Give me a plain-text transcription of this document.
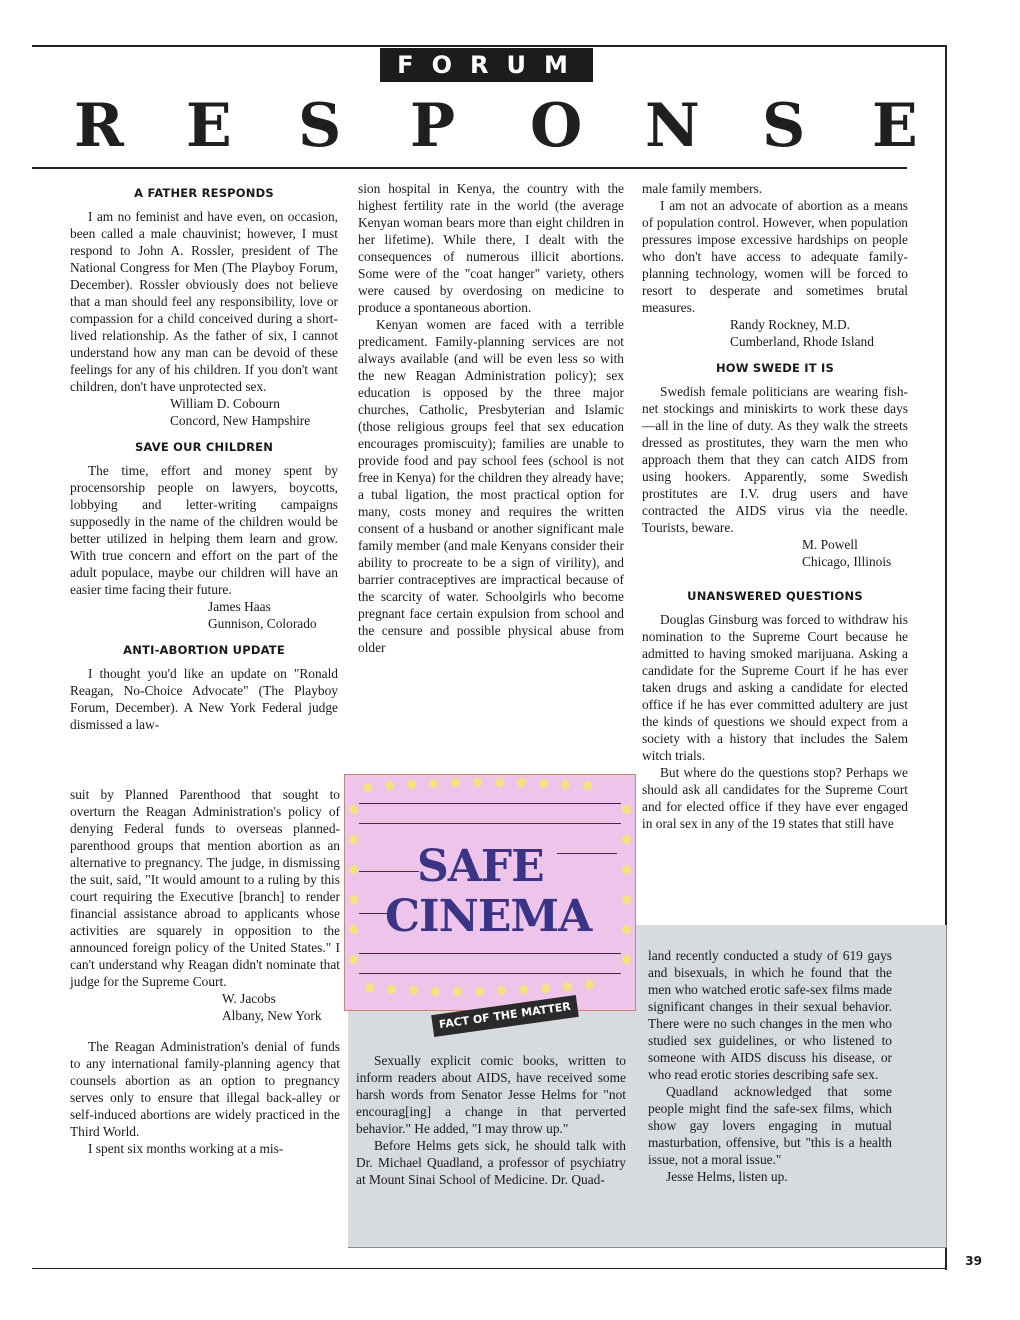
FORUM
R E S P O N S E
A FATHER RESPONDS

I am no feminist and have even, on occasion, been called a male chauvinist; however, I must respond to John A. Rossler, president of The National Congress for Men (The Playboy Forum, December). Rossler obviously does not believe that a man should feel any responsibility, love or compassion for a child conceived during a short-lived relationship. As the father of six, I cannot understand how any man can be devoid of these feelings for any of his children. If you don't want children, don't have unprotected sex.

William D. Cobourn
Concord, New Hampshire
SAVE OUR CHILDREN

The time, effort and money spent by procensorship people on lawyers, boycotts, lobbying and letter-writing campaigns supposedly in the name of the children would be better utilized in helping them learn and grow. With true concern and effort on the part of the adult populace, maybe our children will have an easier time facing their future.

James Haas
Gunnison, Colorado
ANTI-ABORTION UPDATE

I thought you'd like an update on "Ronald Reagan, No-Choice Advocate" (The Playboy Forum, December). A New York Federal judge dismissed a law-

suit by Planned Parenthood that sought to overturn the Reagan Administration's policy of denying Federal funds to overseas planned-parenthood groups that mention abortion as an alternative to pregnancy. The judge, in dismissing the suit, said, "It would amount to a ruling by this court requiring the Executive [branch] to render financial assistance abroad to applicants whose activities are squarely in opposition to the announced foreign policy of the United States." I can't understand why Reagan didn't nominate that judge for the Supreme Court.

W. Jacobs
Albany, New York

The Reagan Administration's denial of funds to any international family-planning agency that counsels abortion as an option to pregnancy serves only to ensure that illegal back-alley or self-induced abortions are widely practiced in the Third World.

I spent six months working at a mis-

sion hospital in Kenya, the country with the highest fertility rate in the world (the average Kenyan woman bears more than eight children in her lifetime). While there, I dealt with the consequences of numerous illicit abortions. Some were of the "coat hanger" variety, others were caused by overdosing on medicine to produce a spontaneous abortion.

Kenyan women are faced with a terrible predicament. Family-planning services are not always available (and will be even less so with the new Reagan Administration policy); sex education is opposed by the three major churches, Catholic, Presbyterian and Islamic (those religious groups feel that sex education encourages promiscuity); families are unable to provide food and pay school fees (school is not free in Kenya) for the children they already have; a tubal ligation, the most practical option for many, costs money and requires the written consent of a husband or another significant male family member (and male Kenyans consider their ability to procreate to be a sign of virility), and barrier contraceptives are impractical because of the scarcity of water. Schoolgirls who become pregnant face certain expulsion from school and the censure and possible physical abuse from older

male family members.

I am not an advocate of abortion as a means of population control. However, when population pressures impose excessive hardships on people who don't have access to adequate family-planning technology, women will be forced to resort to desperate and sometimes brutal measures.

Randy Rockney, M.D.
Cumberland, Rhode Island
HOW SWEDE IT IS

Swedish female politicians are wearing fish-net stockings and miniskirts to work these days—all in the line of duty. As they walk the streets dressed as prostitutes, they warn the men who approach them that they can catch AIDS from using hookers. Apparently, some Swedish prostitutes are I.V. drug users and have contracted the AIDS virus via the needle. Tourists, beware.

M. Powell
Chicago, Illinois
UNANSWERED QUESTIONS

Douglas Ginsburg was forced to withdraw his nomination to the Supreme Court because he admitted to having smoked marijuana. Asking a candidate for the Supreme Court if he has ever taken drugs and asking a candidate for elected office if he has ever committed adultery are just the kinds of questions we should expect from a society with a history that includes the Salem witch trials.

But where do the questions stop? Perhaps we should ask all candidates for the Supreme Court and for elected office if they have ever engaged in oral sex in any of the 19 states that still have

SAFE
CINEMA
FACT OF THE MATTER

Sexually explicit comic books, written to inform readers about AIDS, have received some harsh words from Senator Jesse Helms for "not encourag[ing] a change in that perverted behavior." He added, "I may throw up."

Before Helms gets sick, he should talk with Dr. Michael Quadland, a professor of psychiatry at Mount Sinai School of Medicine. Dr. Quad-

land recently conducted a study of 619 gays and bisexuals, in which he found that the men who watched erotic safe-sex films made significant changes in their sexual behavior. There were no such changes in the men who studied sex guidelines, or who listened to someone with AIDS discuss his disease, or who read erotic stories describing safe sex.

Quadland acknowledged that some people might find the safe-sex films, which show gay lovers engaging in mutual masturbation, offensive, but "this is a health issue, not a moral issue."

Jesse Helms, listen up.

39
